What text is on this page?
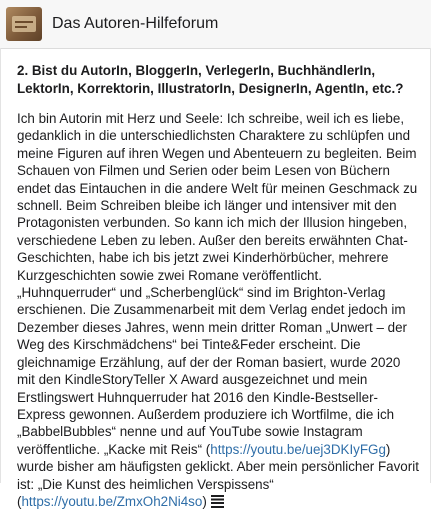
Das Autoren-Hilfeforum

2. Bist du AutorIn, BloggerIn, VerlegerIn, BuchhändlerIn, LektorIn, Korrektorin, IllustratorIn, DesignerIn, AgentIn, etc.?

Ich bin Autorin mit Herz und Seele: Ich schreibe, weil ich es liebe, gedanklich in die unterschiedlichsten Charaktere zu schlüpfen und meine Figuren auf ihren Wegen und Abenteuern zu begleiten. Beim Schauen von Filmen und Serien oder beim Lesen von Büchern endet das Eintauchen in die andere Welt für meinen Geschmack zu schnell. Beim Schreiben bleibe ich länger und intensiver mit den Protagonisten verbunden. So kann ich mich der Illusion hingeben, verschiedene Leben zu leben. Außer den bereits erwähnten Chat-Geschichten, habe ich bis jetzt zwei Kinderhörbücher, mehrere Kurzgeschichten sowie zwei Romane veröffentlicht. „Huhnquerruder“ und „Scherbenglück“ sind im Brighton-Verlag erschienen. Die Zusammenarbeit mit dem Verlag endet jedoch im Dezember dieses Jahres, wenn mein dritter Roman „Unwert – der Weg des Kirschmädchens“ bei Tinte&Feder erscheint. Die gleichnamige Erzählung, auf der der Roman basiert, wurde 2020 mit den KindleStoryTeller X Award ausgezeichnet und mein Erstlingswert Huhnquerruder hat 2016 den Kindle-Bestseller-Express gewonnen. Außerdem produziere ich Wortfilme, die ich „BabbelBubbles“ nenne und auf YouTube sowie Instagram veröffentliche. „Kacke mit Reis“ (https://youtu.be/uej3DKIyFGg) wurde bisher am häufigsten geklickt. Aber mein persönlicher Favorit ist: „Die Kunst des heimlichen Verspissens“ (https://youtu.be/ZmxOh2Ni4so)
